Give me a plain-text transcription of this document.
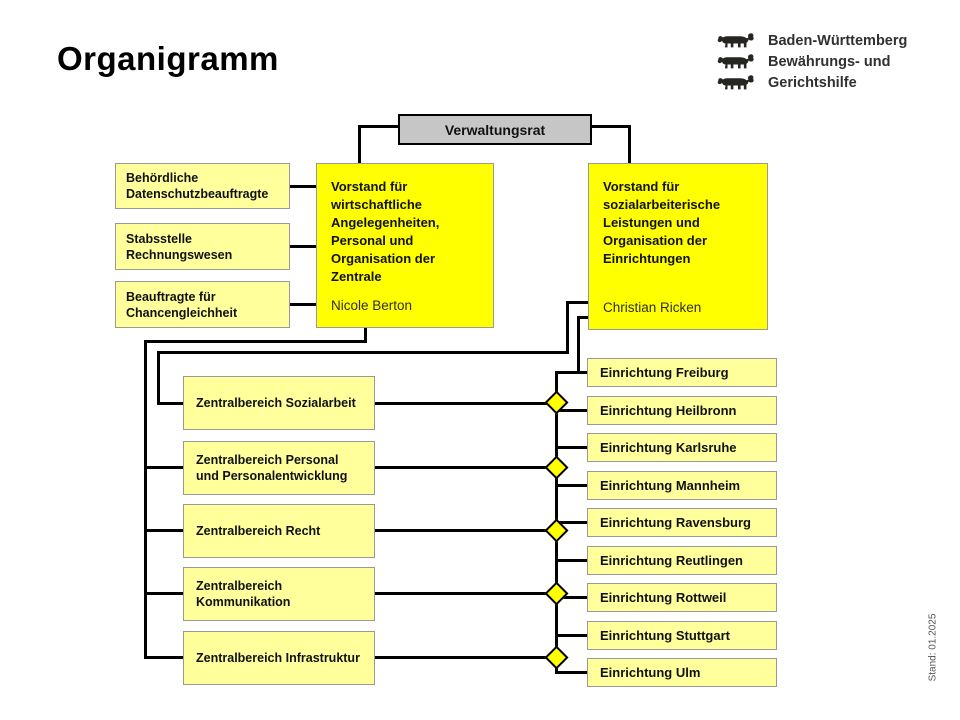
Organigramm	Baden-Württemberg
Bewährungs- und
Gerichtshilfe
Verwaltungsrat
Vorstand für wirtschaftliche Angelegenheiten, Personal und Organisation der Zentrale
Nicole Berton
Vorstand für sozialarbeiterische Leistungen und Organisation der Einrichtungen
Christian Ricken
Behördliche Datenschutzbeauftragte
Stabsstelle Rechnungswesen
Beauftragte für Chancengleichheit
Zentralbereich Sozialarbeit
Zentralbereich Personal und Personalentwicklung
Zentralbereich Recht
Zentralbereich Kommunikation
Zentralbereich Infrastruktur
Einrichtung Freiburg
Einrichtung Heilbronn
Einrichtung Karlsruhe
Einrichtung Mannheim
Einrichtung Ravensburg
Einrichtung Reutlingen
Einrichtung Rottweil
Einrichtung Stuttgart
Einrichtung Ulm	Stand: 01.2025
